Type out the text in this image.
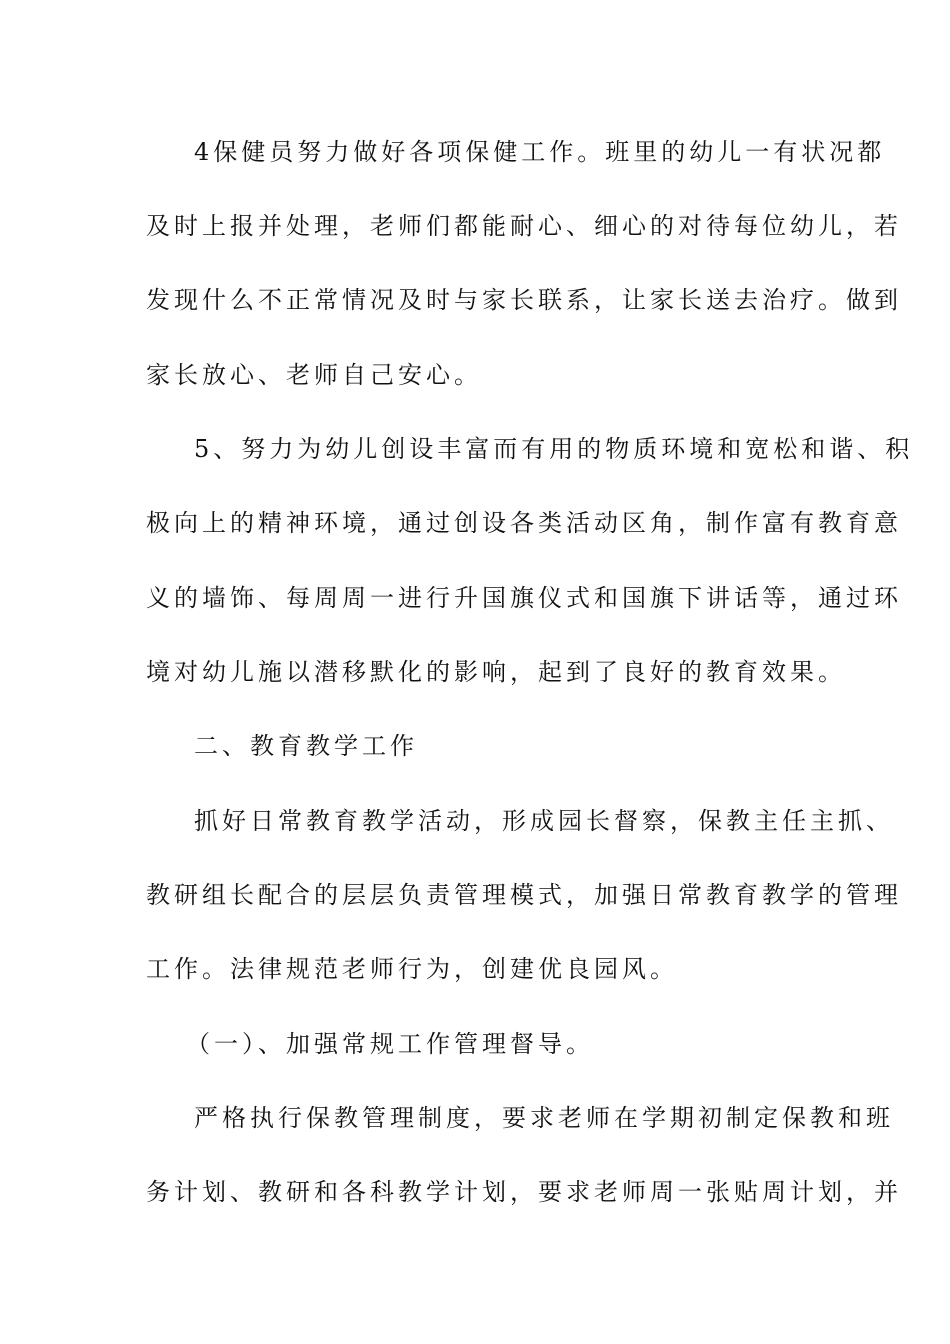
4保健员努力做好各项保健工作。班里的幼儿一有状况都
及时上报并处理，老师们都能耐心、细心的对待每位幼儿，若
发现什么不正常情况及时与家长联系，让家长送去治疗。做到
家长放心、老师自己安心。
5、努力为幼儿创设丰富而有用的物质环境和宽松和谐、积
极向上的精神环境，通过创设各类活动区角，制作富有教育意
义的墙饰、每周周一进行升国旗仪式和国旗下讲话等，通过环
境对幼儿施以潜移默化的影响，起到了良好的教育效果。
二、教育教学工作
抓好日常教育教学活动，形成园长督察，保教主任主抓、
教研组长配合的层层负责管理模式，加强日常教育教学的管理
工作。法律规范老师行为，创建优良园风。
（一）、加强常规工作管理督导。
严格执行保教管理制度，要求老师在学期初制定保教和班
务计划、教研和各科教学计划，要求老师周一张贴周计划，并
